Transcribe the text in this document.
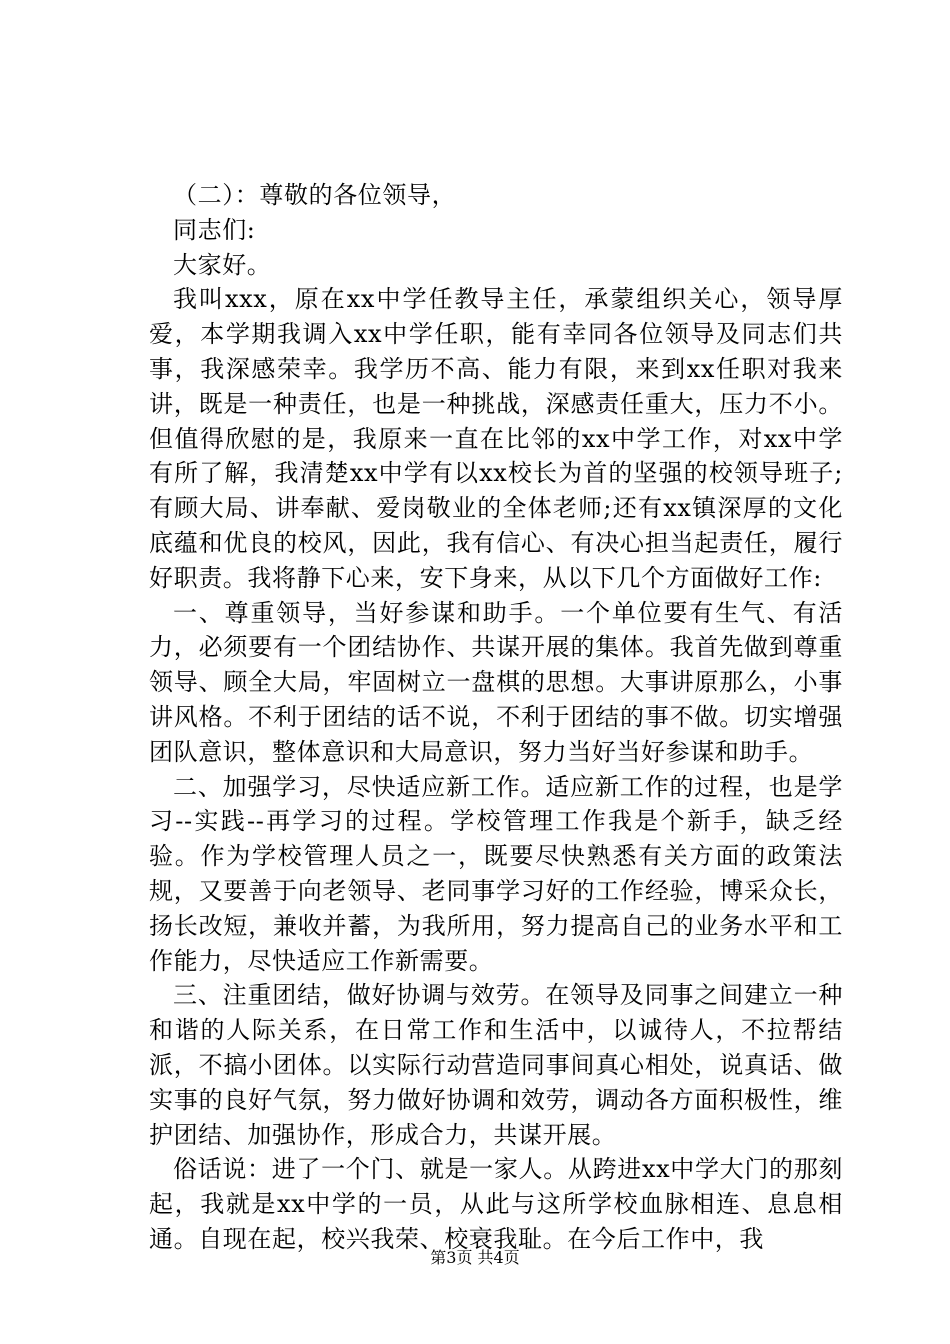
（二）：尊敬的各位领导，

同志们:

大家好。

我叫xxx，原在xx中学任教导主任，承蒙组织关心，领导厚爱，本学期我调入xx中学任职，能有幸同各位领导及同志们共事，我深感荣幸。我学历不高、能力有限，来到xx任职对我来讲，既是一种责任，也是一种挑战，深感责任重大，压力不小。但值得欣慰的是，我原来一直在比邻的xx中学工作，对xx中学有所了解，我清楚xx中学有以xx校长为首的坚强的校领导班子;有顾大局、讲奉献、爱岗敬业的全体老师;还有xx镇深厚的文化底蕴和优良的校风，因此，我有信心、有决心担当起责任，履行好职责。我将静下心来，安下身来，从以下几个方面做好工作:

一、尊重领导，当好参谋和助手。一个单位要有生气、有活力，必须要有一个团结协作、共谋开展的集体。我首先做到尊重领导、顾全大局，牢固树立一盘棋的思想。大事讲原那么，小事讲风格。不利于团结的话不说，不利于团结的事不做。切实增强团队意识，整体意识和大局意识，努力当好当好参谋和助手。

二、加强学习，尽快适应新工作。适应新工作的过程，也是学习--实践--再学习的过程。学校管理工作我是个新手，缺乏经验。作为学校管理人员之一，既要尽快熟悉有关方面的政策法规，又要善于向老领导、老同事学习好的工作经验，博采众长，扬长改短，兼收并蓄，为我所用，努力提高自己的业务水平和工作能力，尽快适应工作新需要。

三、注重团结，做好协调与效劳。在领导及同事之间建立一种和谐的人际关系，在日常工作和生活中，以诚待人，不拉帮结派，不搞小团体。以实际行动营造同事间真心相处，说真话、做实事的良好气氛，努力做好协调和效劳，调动各方面积极性，维护团结、加强协作，形成合力，共谋开展。

俗话说：进了一个门、就是一家人。从跨进xx中学大门的那刻起，我就是xx中学的一员，从此与这所学校血脉相连、息息相通。自现在起，校兴我荣、校衰我耻。在今后工作中，我

第3页 共4页
